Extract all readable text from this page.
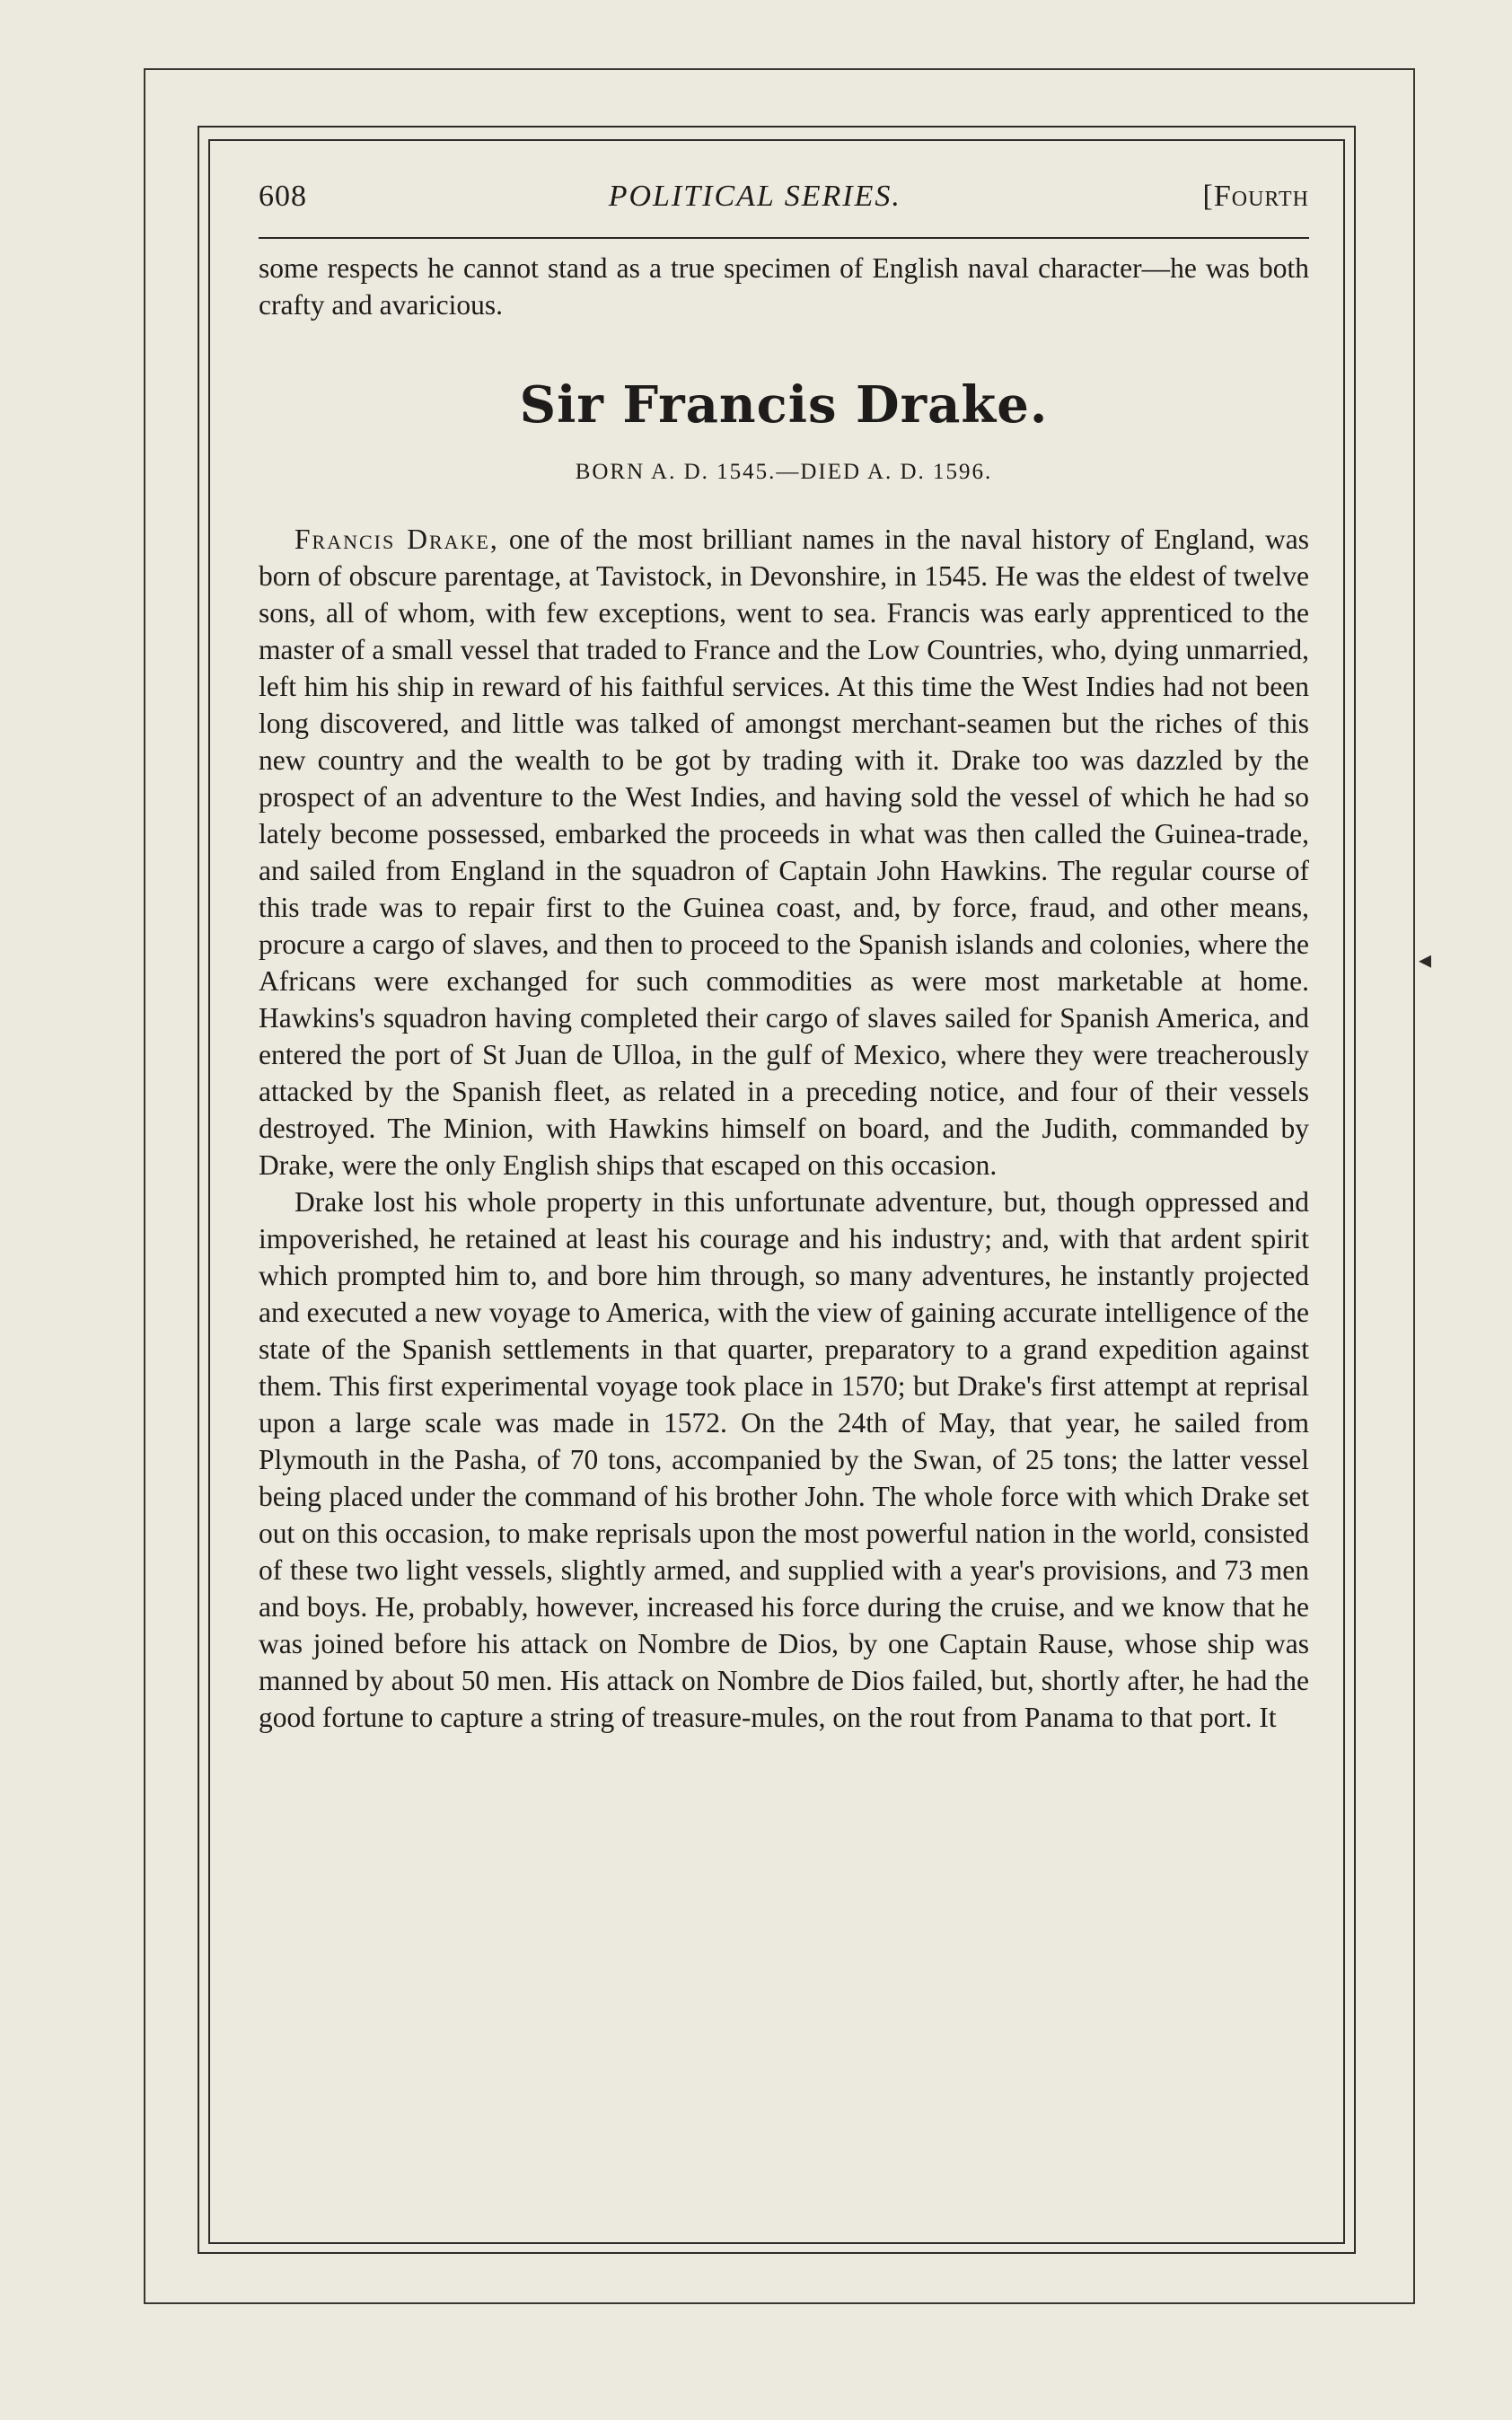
◂
608	POLITICAL SERIES.	[Fourth

some respects he cannot stand as a true specimen of English naval character—he was both crafty and avaricious.

Sir Francis Drake.
BORN A. D. 1545.—DIED A. D. 1596.

Francis Drake, one of the most brilliant names in the naval history of England, was born of obscure parentage, at Tavistock, in Devonshire, in 1545. He was the eldest of twelve sons, all of whom, with few exceptions, went to sea. Francis was early apprenticed to the master of a small vessel that traded to France and the Low Countries, who, dying unmarried, left him his ship in reward of his faithful services. At this time the West Indies had not been long discovered, and little was talked of amongst merchant-seamen but the riches of this new country and the wealth to be got by trading with it. Drake too was dazzled by the prospect of an adventure to the West Indies, and having sold the vessel of which he had so lately become possessed, embarked the proceeds in what was then called the Guinea-trade, and sailed from England in the squadron of Captain John Hawkins. The regular course of this trade was to repair first to the Guinea coast, and, by force, fraud, and other means, procure a cargo of slaves, and then to proceed to the Spanish islands and colonies, where the Africans were exchanged for such commodities as were most marketable at home. Hawkins's squadron having completed their cargo of slaves sailed for Spanish America, and entered the port of St Juan de Ulloa, in the gulf of Mexico, where they were treacherously attacked by the Spanish fleet, as related in a preceding notice, and four of their vessels destroyed. The Minion, with Hawkins himself on board, and the Judith, commanded by Drake, were the only English ships that escaped on this occasion.

Drake lost his whole property in this unfortunate adventure, but, though oppressed and impoverished, he retained at least his courage and his industry; and, with that ardent spirit which prompted him to, and bore him through, so many adventures, he instantly projected and executed a new voyage to America, with the view of gaining accurate intelligence of the state of the Spanish settlements in that quarter, preparatory to a grand expedition against them. This first experimental voyage took place in 1570; but Drake's first attempt at reprisal upon a large scale was made in 1572. On the 24th of May, that year, he sailed from Plymouth in the Pasha, of 70 tons, accompanied by the Swan, of 25 tons; the latter vessel being placed under the command of his brother John. The whole force with which Drake set out on this occasion, to make reprisals upon the most powerful nation in the world, consisted of these two light vessels, slightly armed, and supplied with a year's provisions, and 73 men and boys. He, probably, however, increased his force during the cruise, and we know that he was joined before his attack on Nombre de Dios, by one Captain Rause, whose ship was manned by about 50 men. His attack on Nombre de Dios failed, but, shortly after, he had the good fortune to capture a string of treasure-mules, on the rout from Panama to that port. It
